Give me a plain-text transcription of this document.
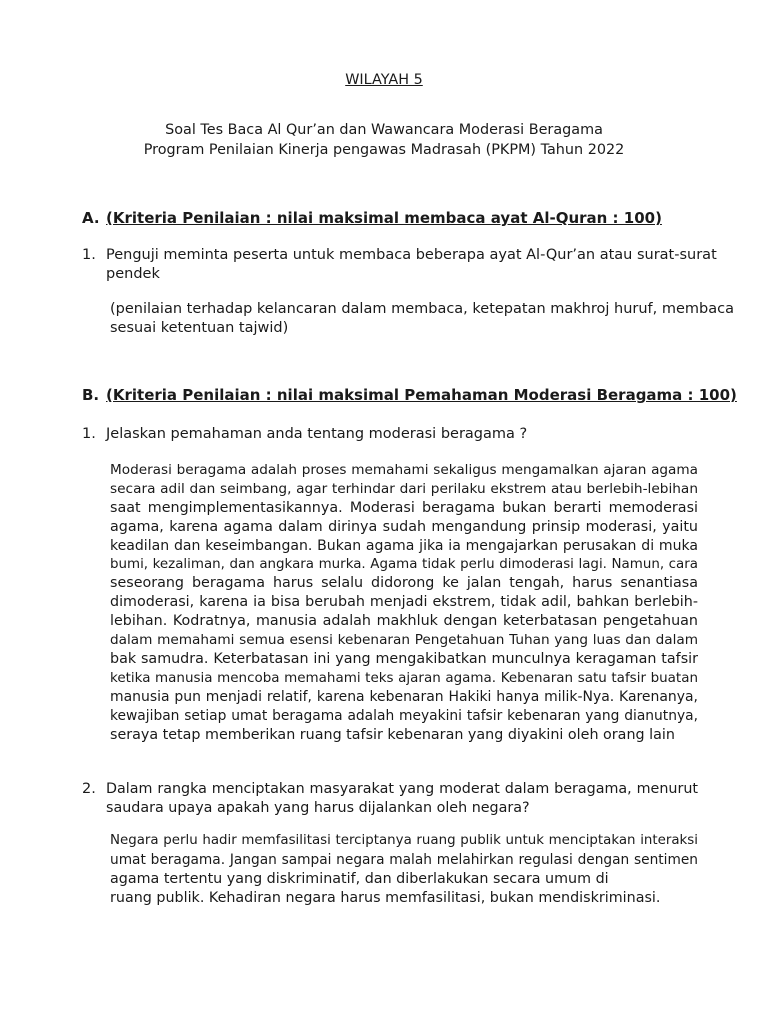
WILAYAH 5
Soal Tes Baca Al Qur’an dan Wawancara Moderasi Beragama
Program Penilaian Kinerja pengawas Madrasah (PKPM) Tahun 2022
A. (Kriteria Penilaian : nilai maksimal membaca ayat Al-Quran : 100)
1. Penguji meminta peserta untuk membaca beberapa ayat Al-Qur’an atau surat-surat
pendek
(penilaian terhadap kelancaran dalam membaca, ketepatan makhroj huruf, membaca
sesuai ketentuan tajwid)
B. (Kriteria Penilaian : nilai maksimal Pemahaman Moderasi Beragama : 100)
1. Jelaskan pemahaman anda tentang moderasi beragama ?
Moderasi beragama adalah proses memahami sekaligus mengamalkan ajaran agama
secara adil dan seimbang, agar terhindar dari perilaku ekstrem atau berlebih-lebihan
saat mengimplementasikannya. Moderasi beragama bukan berarti memoderasi
agama, karena agama dalam dirinya sudah mengandung prinsip moderasi, yaitu
keadilan dan keseimbangan. Bukan agama jika ia mengajarkan perusakan di muka
bumi, kezaliman, dan angkara murka. Agama tidak perlu dimoderasi lagi. Namun, cara
seseorang beragama harus selalu didorong ke jalan tengah, harus senantiasa
dimoderasi, karena ia bisa berubah menjadi ekstrem, tidak adil, bahkan berlebih-
lebihan. Kodratnya, manusia adalah makhluk dengan keterbatasan pengetahuan
dalam memahami semua esensi kebenaran Pengetahuan Tuhan yang luas dan dalam
bak samudra. Keterbatasan ini yang mengakibatkan munculnya keragaman tafsir
ketika manusia mencoba memahami teks ajaran agama. Kebenaran satu tafsir buatan
manusia pun menjadi relatif, karena kebenaran Hakiki hanya milik-Nya. Karenanya,
kewajiban setiap umat beragama adalah meyakini tafsir kebenaran yang dianutnya,
seraya tetap memberikan ruang tafsir kebenaran yang diyakini oleh orang lain
2. Dalam rangka menciptakan masyarakat yang moderat dalam beragama, menurut
saudara upaya apakah yang harus dijalankan oleh negara?
Negara perlu hadir memfasilitasi terciptanya ruang publik untuk menciptakan interaksi
umat beragama. Jangan sampai negara malah melahirkan regulasi dengan sentimen
agama tertentu yang diskriminatif, dan diberlakukan secara umum di
ruang publik. Kehadiran negara harus memfasilitasi, bukan mendiskriminasi.
